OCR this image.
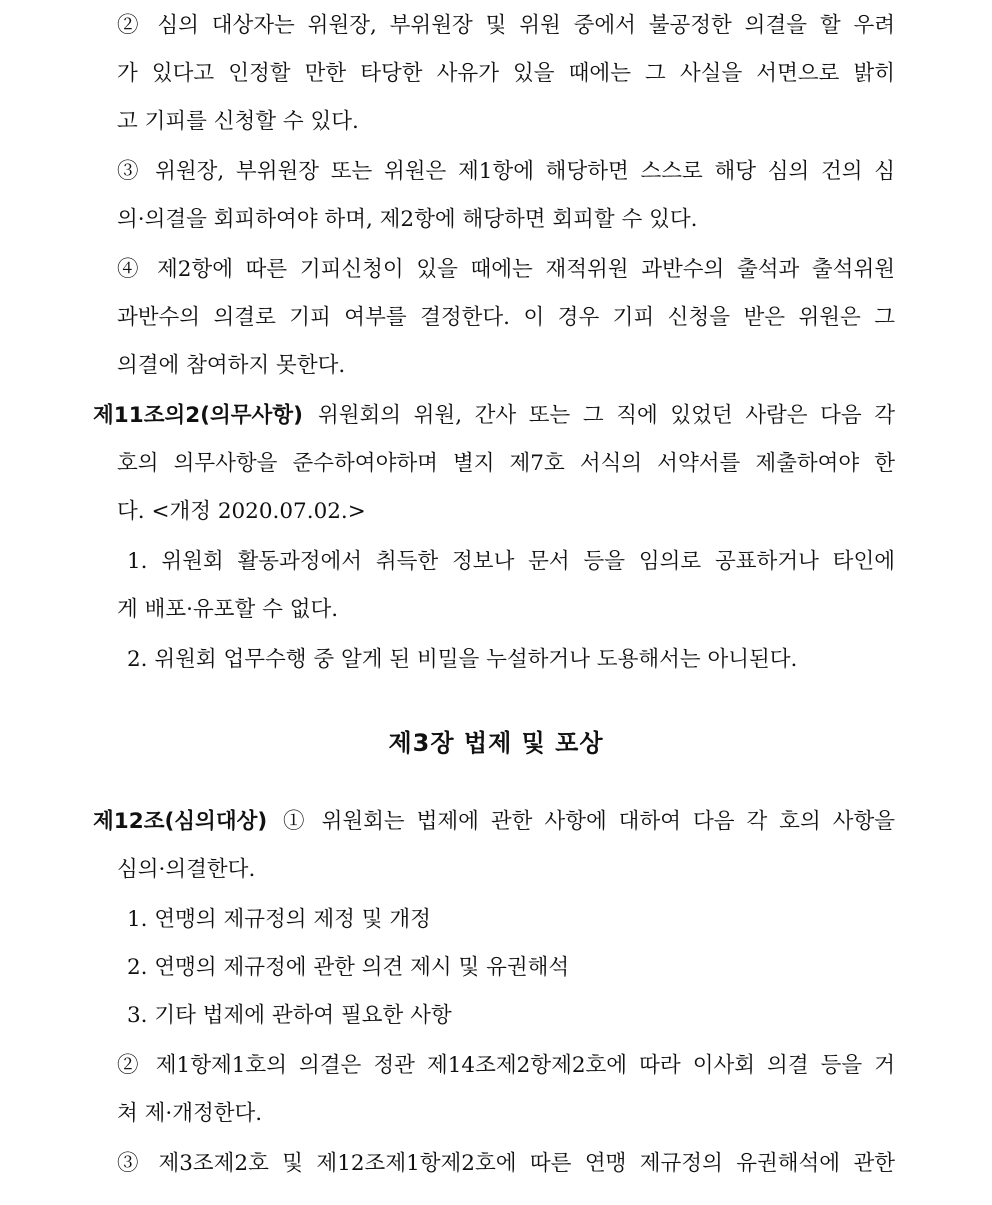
② 심의 대상자는 위원장, 부위원장 및 위원 중에서 불공정한 의결을 할 우려
가 있다고 인정할 만한 타당한 사유가 있을 때에는 그 사실을 서면으로 밝히
고 기피를 신청할 수 있다.
③ 위원장, 부위원장 또는 위원은 제1항에 해당하면 스스로 해당 심의 건의 심
의·의결을 회피하여야 하며, 제2항에 해당하면 회피할 수 있다.
④ 제2항에 따른 기피신청이 있을 때에는 재적위원 과반수의 출석과 출석위원
과반수의 의결로 기피 여부를 결정한다. 이 경우 기피 신청을 받은 위원은 그
의결에 참여하지 못한다.
제11조의2(의무사항) 위원회의 위원, 간사 또는 그 직에 있었던 사람은 다음 각
호의 의무사항을 준수하여야하며 별지 제7호 서식의 서약서를 제출하여야 한
다. <개정 2020.07.02.>
1. 위원회 활동과정에서 취득한 정보나 문서 등을 임의로 공표하거나 타인에
게 배포·유포할 수 없다.
2. 위원회 업무수행 중 알게 된 비밀을 누설하거나 도용해서는 아니된다.
제3장 법제 및 포상
제12조(심의대상) ① 위원회는 법제에 관한 사항에 대하여 다음 각 호의 사항을
심의·의결한다.
1. 연맹의 제규정의 제정 및 개정
2. 연맹의 제규정에 관한 의견 제시 및 유권해석
3. 기타 법제에 관하여 필요한 사항
② 제1항제1호의 의결은 정관 제14조제2항제2호에 따라 이사회 의결 등을 거
쳐 제·개정한다.
③ 제3조제2호 및 제12조제1항제2호에 따른 연맹 제규정의 유권해석에 관한
